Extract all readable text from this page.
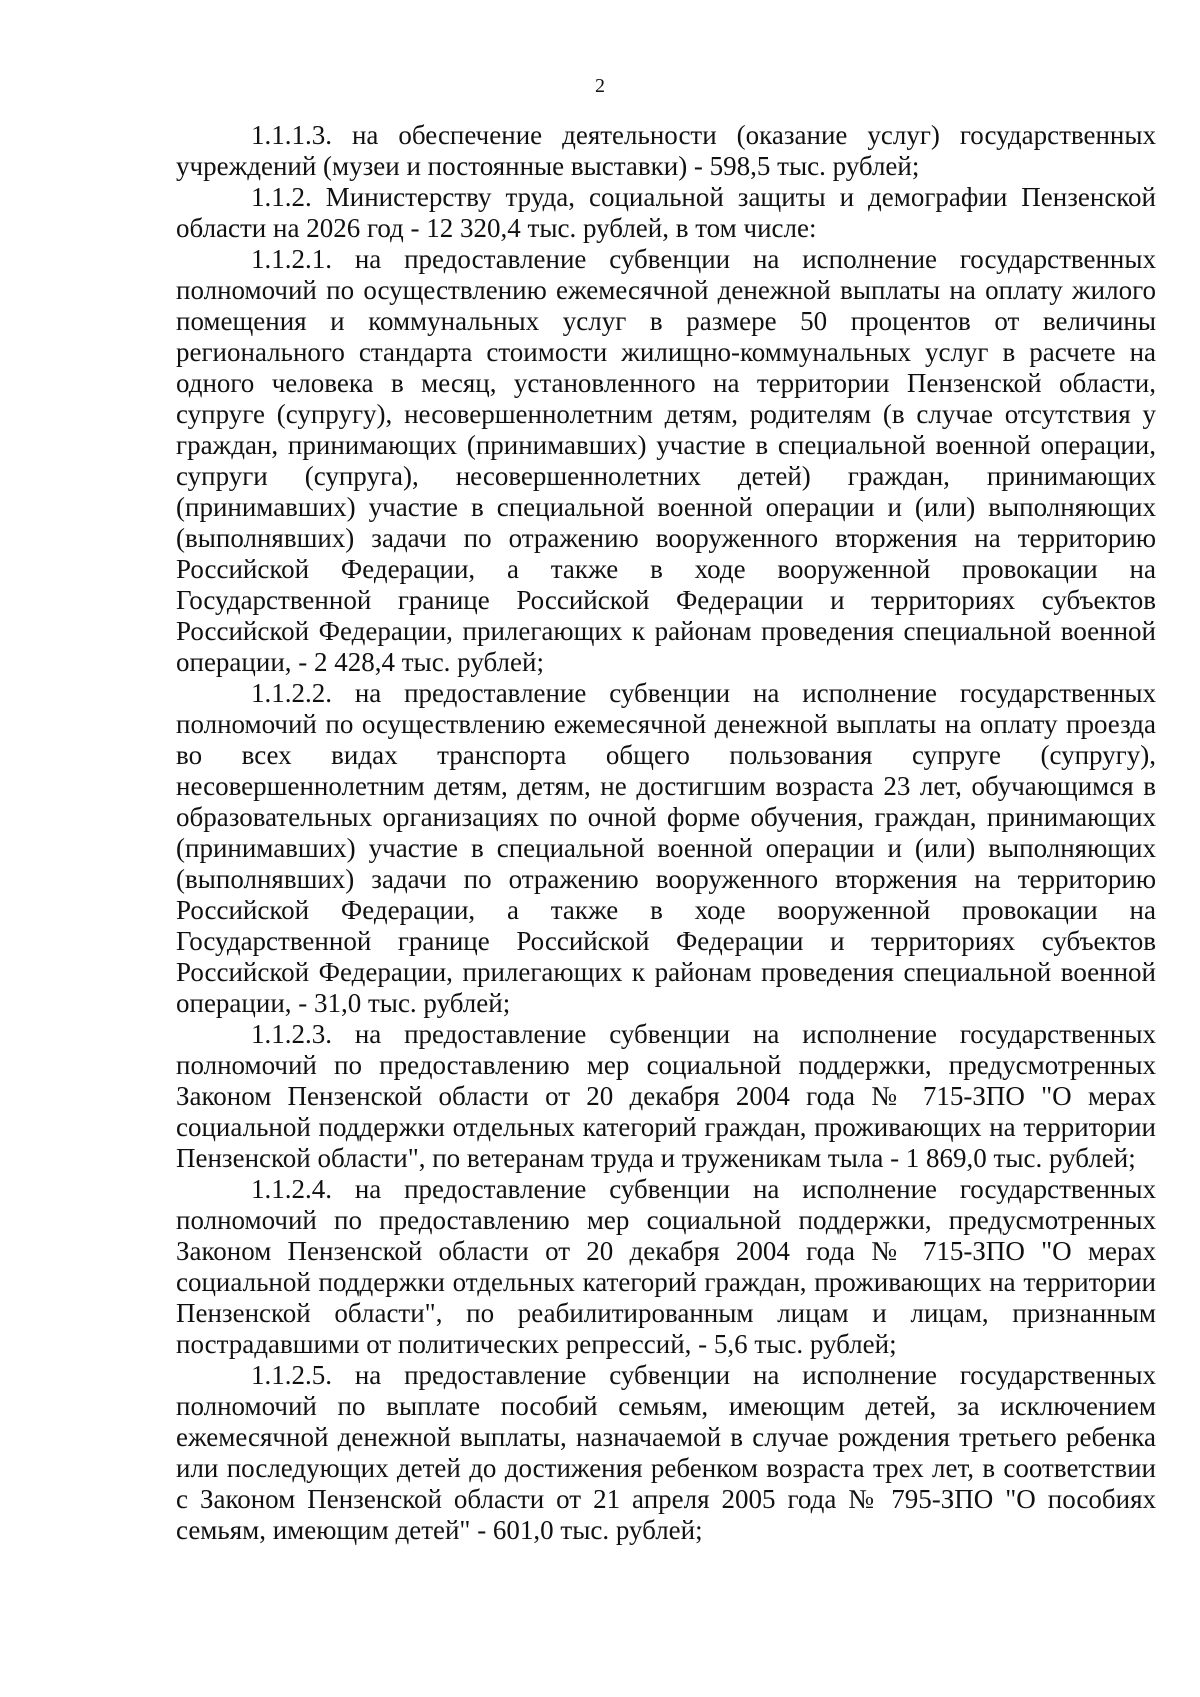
2

1.1.1.3. на обеспечение деятельности (оказание услуг) государственных учреждений (музеи и постоянные выставки) - 598,5 тыс. рублей;

1.1.2. Министерству труда, социальной защиты и демографии Пензенской области на 2026 год - 12 320,4 тыс. рублей, в том числе:

1.1.2.1. на предоставление субвенции на исполнение государственных полномочий по осуществлению ежемесячной денежной выплаты на оплату жилого помещения и коммунальных услуг в размере 50 процентов от величины регионального стандарта стоимости жилищно-коммунальных услуг в расчете на одного человека в месяц, установленного на территории Пензенской области, супруге (супругу), несовершеннолетним детям, родителям (в случае отсутствия у граждан, принимающих (принимавших) участие в специальной военной операции, супруги (супруга), несовершеннолетних детей) граждан, принимающих (принимавших) участие в специальной военной операции и (или) выполняющих (выполнявших) задачи по отражению вооруженного вторжения на территорию Российской Федерации, а также в ходе вооруженной провокации на Государственной границе Российской Федерации и территориях субъектов Российской Федерации, прилегающих к районам проведения специальной военной операции, - 2 428,4 тыс. рублей;

1.1.2.2. на предоставление субвенции на исполнение государственных полномочий по осуществлению ежемесячной денежной выплаты на оплату проезда во всех видах транспорта общего пользования супруге (супругу), несовершеннолетним детям, детям, не достигшим возраста 23 лет, обучающимся в образовательных организациях по очной форме обучения, граждан, принимающих (принимавших) участие в специальной военной операции и (или) выполняющих (выполнявших) задачи по отражению вооруженного вторжения на территорию Российской Федерации, а также в ходе вооруженной провокации на Государственной границе Российской Федерации и территориях субъектов Российской Федерации, прилегающих к районам проведения специальной военной операции, - 31,0 тыс. рублей;

1.1.2.3. на предоставление субвенции на исполнение государственных полномочий по предоставлению мер социальной поддержки, предусмотренных Законом Пензенской области от 20 декабря 2004 года № 715-ЗПО "О мерах социальной поддержки отдельных категорий граждан, проживающих на территории Пензенской области", по ветеранам труда и труженикам тыла - 1 869,0 тыс. рублей;

1.1.2.4. на предоставление субвенции на исполнение государственных полномочий по предоставлению мер социальной поддержки, предусмотренных Законом Пензенской области от 20 декабря 2004 года № 715-ЗПО "О мерах социальной поддержки отдельных категорий граждан, проживающих на территории Пензенской области", по реабилитированным лицам и лицам, признанным пострадавшими от политических репрессий, - 5,6 тыс. рублей;

1.1.2.5. на предоставление субвенции на исполнение государственных полномочий по выплате пособий семьям, имеющим детей, за исключением ежемесячной денежной выплаты, назначаемой в случае рождения третьего ребенка или последующих детей до достижения ребенком возраста трех лет, в соответствии с Законом Пензенской области от 21 апреля 2005 года № 795-ЗПО "О пособиях семьям, имеющим детей" - 601,0 тыс. рублей;
